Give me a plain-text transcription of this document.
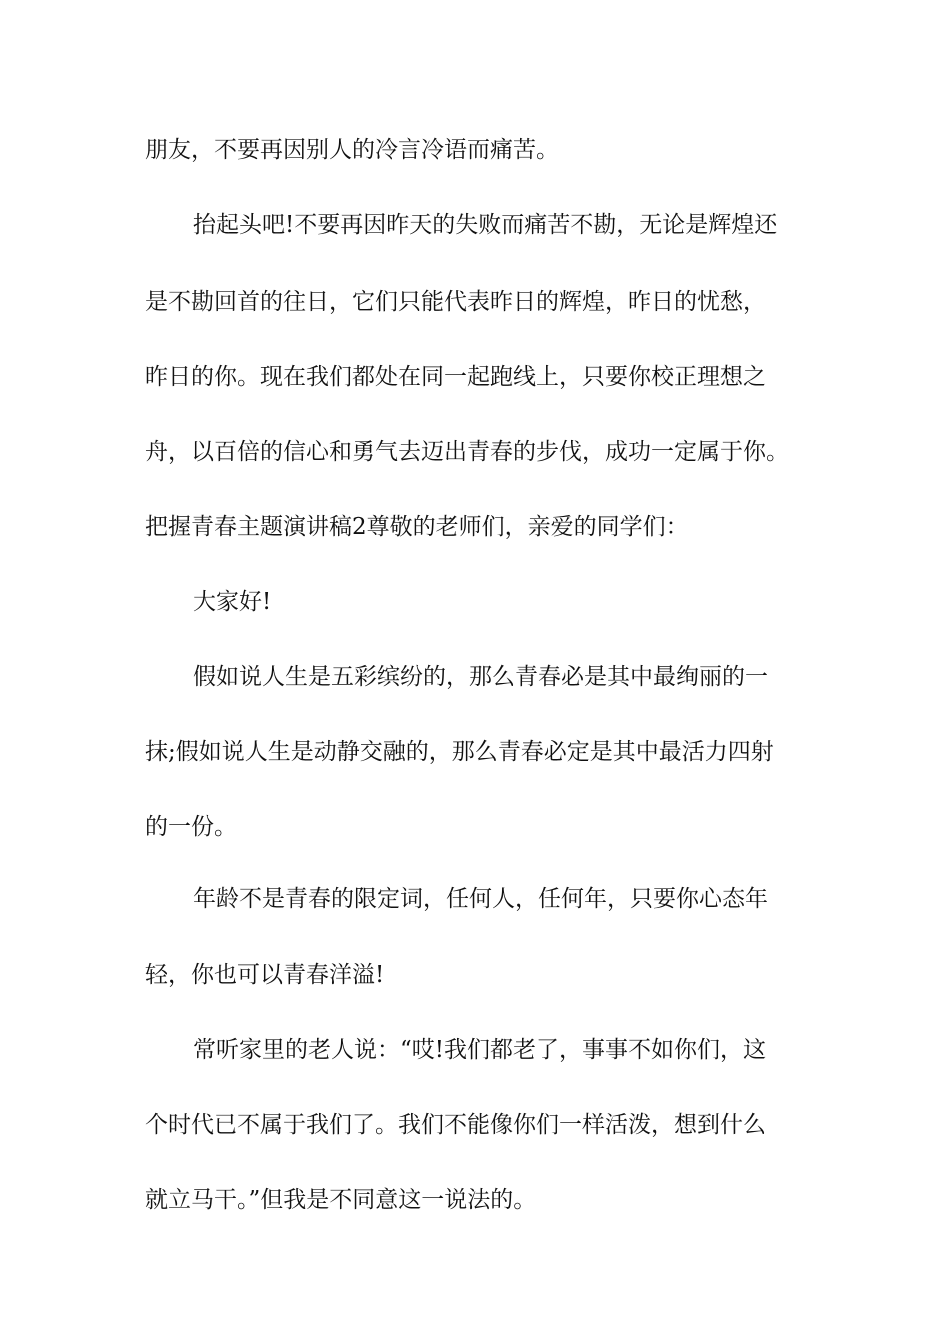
朋友，不要再因别人的冷言冷语而痛苦。
抬起头吧!不要再因昨天的失败而痛苦不勘，无论是辉煌还
是不勘回首的往日，它们只能代表昨日的辉煌，昨日的忧愁，
昨日的你。现在我们都处在同一起跑线上，只要你校正理想之
舟，以百倍的信心和勇气去迈出青春的步伐，成功一定属于你。
把握青春主题演讲稿2尊敬的老师们，亲爱的同学们：
大家好!
假如说人生是五彩缤纷的，那么青春必是其中最绚丽的一
抹;假如说人生是动静交融的，那么青春必定是其中最活力四射
的一份。
年龄不是青春的限定词，任何人，任何年，只要你心态年
轻，你也可以青春洋溢!
常听家里的老人说：“哎!我们都老了，事事不如你们，这
个时代已不属于我们了。我们不能像你们一样活泼，想到什么
就立马干。”但我是不同意这一说法的。
